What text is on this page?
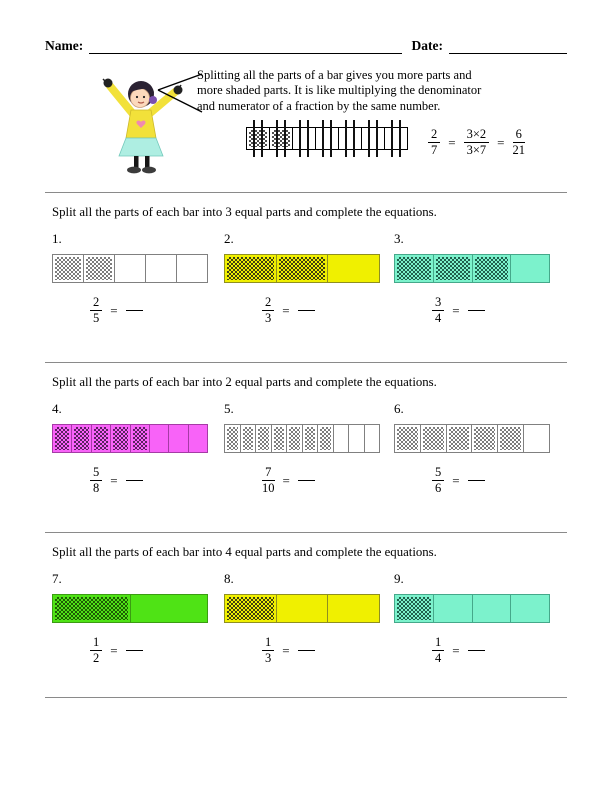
Name:	Date:
Splitting all the parts of a bar gives you more parts and
more shaded parts. It is like multiplying the denominator
and numerator of a fraction by the same number.
$\frac{2}{7} = \frac{3\times 2}{3\times 7} = \frac{6}{21}$
Split all the parts of each bar into 3 equal parts and complete the equations.
1.
$\frac{2}{5}$ =
2.
$\frac{2}{3}$ =
3.
$\frac{3}{4}$ =
Split all the parts of each bar into 2 equal parts and complete the equations.
4.
$\frac{5}{8}$ =
5.
$\frac{7}{10}$ =
6.
$\frac{5}{6}$ =
Split all the parts of each bar into 4 equal parts and complete the equations.
7.
$\frac{1}{2}$ =
8.
$\frac{1}{3}$ =
9.
$\frac{1}{4}$ =
